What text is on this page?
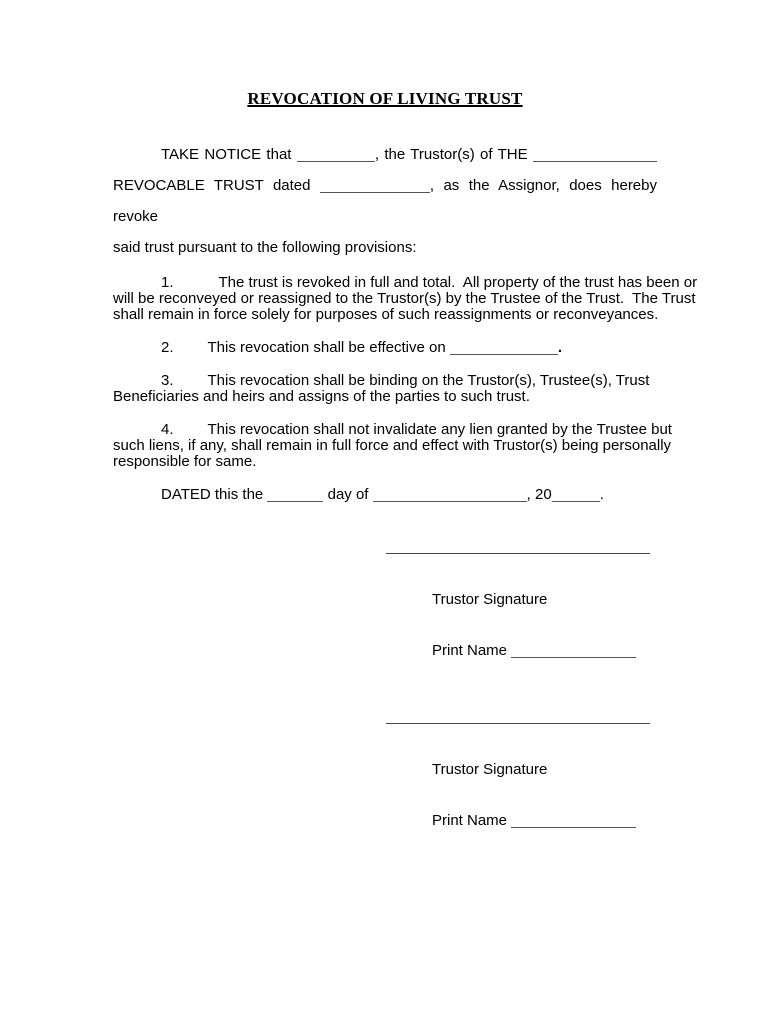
REVOCATION OF LIVING TRUST
TAKE NOTICE that	, the Trustor(s) of THE
REVOCABLE TRUST dated	, as the Assignor, does hereby revoke
said trust pursuant to the following provisions:
1.	The trust is revoked in full and total.  All property of the trust has been or
will be reconveyed or reassigned to the Trustor(s) by the Trustee of the Trust.  The Trust
shall remain in force solely for purposes of such reassignments or reconveyances.
2. This revocation shall be effective on	.
3. This revocation shall be binding on the Trustor(s), Trustee(s), Trust
Beneficiaries and heirs and assigns of the parties to such trust.
4. This revocation shall not invalidate any lien granted by the Trustee but
such liens, if any, shall remain in full force and effect with Trustor(s) being personally
responsible for same.
DATED this the	day of	, 20	.

Trustor Signature

Print Name

Trustor Signature

Print Name
